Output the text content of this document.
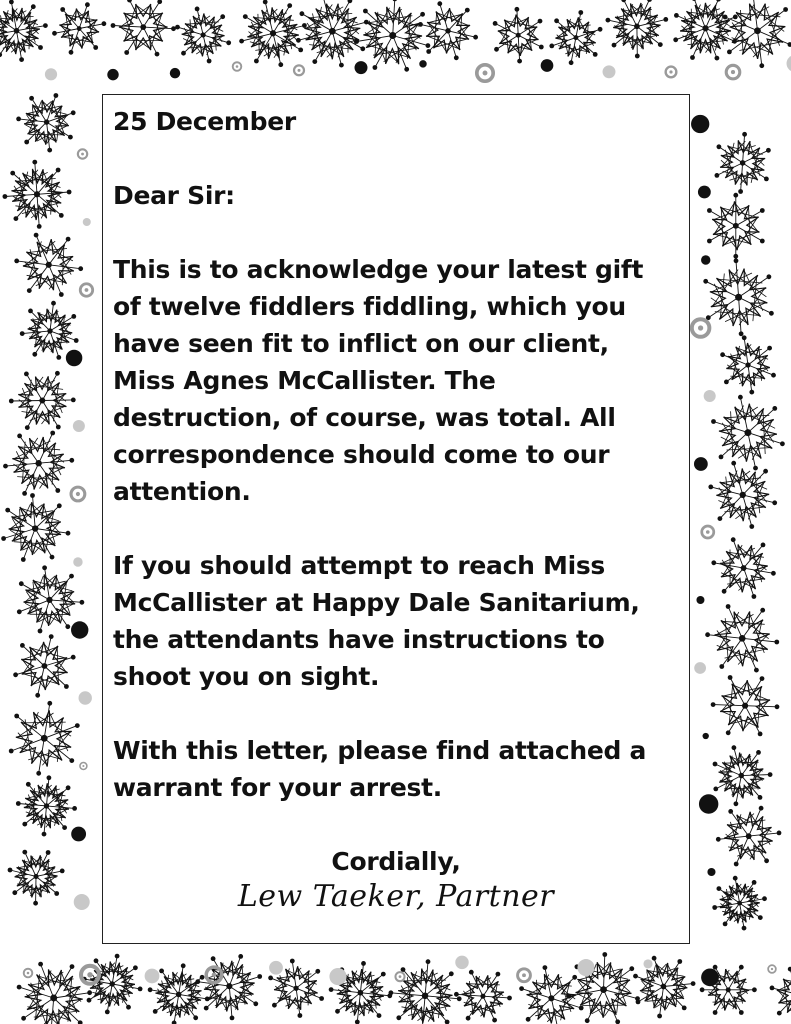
25 December

Dear Sir:

This is to acknowledge your latest gift

of twelve fiddlers fiddling, which you

have seen fit to inflict on our client,

Miss Agnes McCallister. The

destruction, of course, was total. All

correspondence should come to our

attention.

If you should attempt to reach Miss

McCallister at Happy Dale Sanitarium,

the attendants have instructions to

shoot you on sight.

With this letter, please find attached a

warrant for your arrest.

Cordially,
Lew Taeker, Partner
